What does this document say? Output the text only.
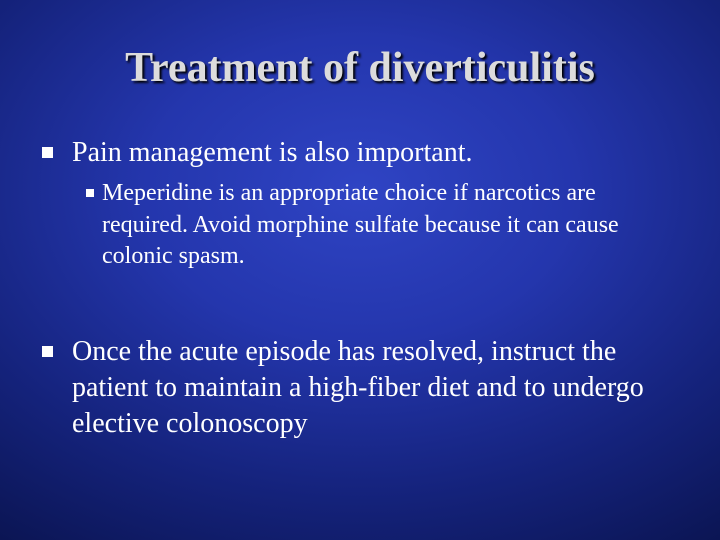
Treatment of diverticulitis
Pain management is also important.
Meperidine is an appropriate choice if narcotics are required. Avoid morphine sulfate because it can cause colonic spasm.
Once the acute episode has resolved, instruct the patient to maintain a high-fiber diet and to undergo elective colonoscopy
